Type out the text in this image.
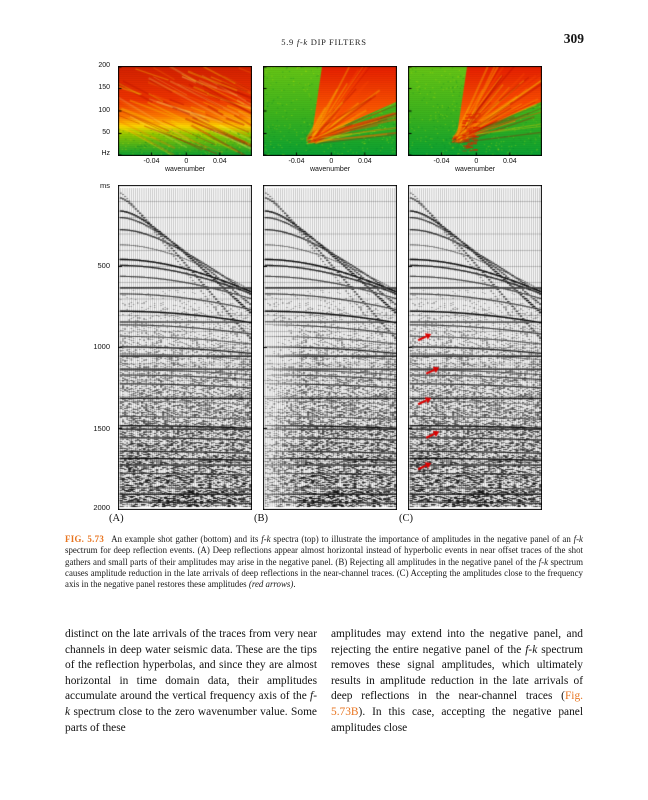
5.9 f-k DIP FILTERS	309
200
150
100
50
Hz
-0.04	0	0.04
wavenumber
-0.04	0	0.04
wavenumber
-0.04	0	0.04
wavenumber
ms
500
1000
1500
2000
(A)	(B)	(C)

FIG. 5.73 An example shot gather (bottom) and its f-k spectra (top) to illustrate the importance of amplitudes in the negative panel of an f-k spectrum for deep reflection events. (A) Deep reflections appear almost horizontal instead of hyperbolic events in near offset traces of the shot gathers and small parts of their amplitudes may arise in the negative panel. (B) Rejecting all amplitudes in the negative panel of the f-k spectrum causes amplitude reduction in the late arrivals of deep reflections in the near-channel traces. (C) Accepting the amplitudes close to the frequency axis in the negative panel restores these amplitudes (red arrows).

distinct on the late arrivals of the traces from very near channels in deep water seismic data. These are the tips of the reflection hyperbolas, and since they are almost horizontal in time domain data, their amplitudes accumulate around the vertical frequency axis of the f-k spectrum close to the zero wavenumber value. Some parts of these
amplitudes may extend into the negative panel, and rejecting the entire negative panel of the f-k spectrum removes these signal amplitudes, which ultimately results in amplitude reduction in the late arrivals of deep reflections in the near-channel traces (Fig. 5.73B). In this case, accepting the negative panel amplitudes close
